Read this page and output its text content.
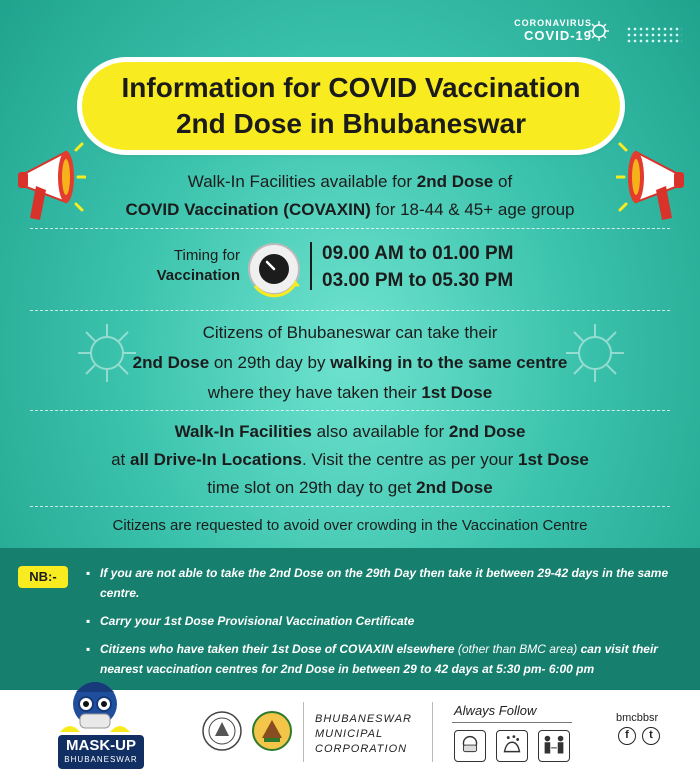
CORONAVIRUS
COVID-19
Information for COVID Vaccination
2nd Dose in Bhubaneswar
Walk-In Facilities available for 2nd Dose of
COVID Vaccination (COVAXIN) for 18-44 & 45+ age group
Timing for
Vaccination
09.00 AM to 01.00 PM
03.00 PM to 05.30 PM
Citizens of Bhubaneswar can take their
2nd Dose on 29th day by walking in to the same centre
where they have taken their 1st Dose
Walk-In Facilities also available for 2nd Dose
at all Drive-In Locations. Visit the centre as per your 1st Dose
time slot on 29th day to get 2nd Dose
Citizens are requested to avoid over crowding in the Vaccination Centre
NB:-
▪	If you are not able to take the 2nd Dose on the 29th Day then take it between 29-42 days in the same centre.
▪ Carry your 1st Dose Provisional Vaccination Certificate
▪ Citizens who have taken their 1st Dose of COVAXIN elsewhere (other than BMC area) can visit their nearest vaccination centres for 2nd Dose in between 29 to 42 days at 5:30 pm- 6:00 pm
MASK-UP
BHUBANESWAR
BHUBANESWAR
MUNICIPAL
CORPORATION
Always Follow	bmcbbsr
f	t
